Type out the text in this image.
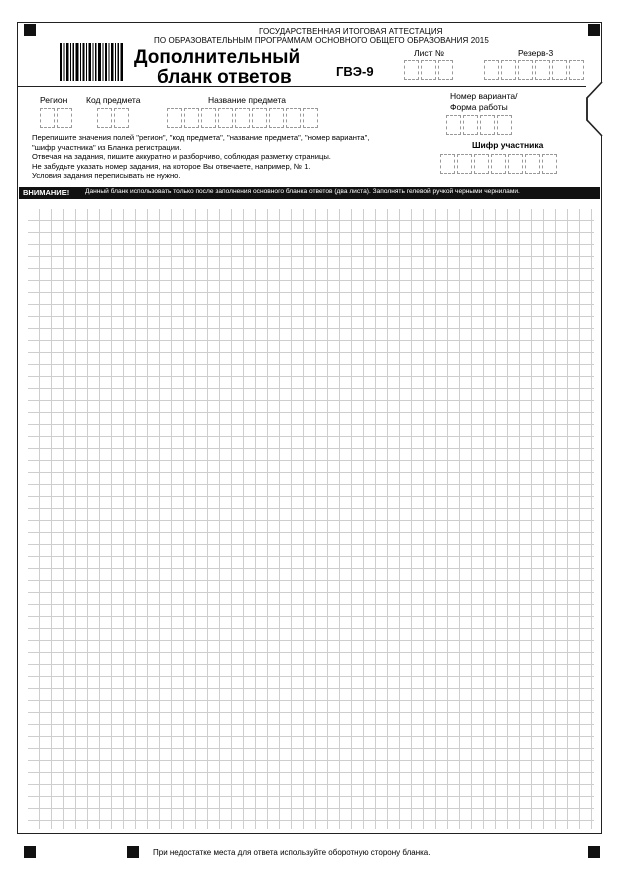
ГОСУДАРСТВЕННАЯ ИТОГОВАЯ АТТЕСТАЦИЯ
ПО ОБРАЗОВАТЕЛЬНЫМ ПРОГРАММАМ ОСНОВНОГО ОБЩЕГО ОБРАЗОВАНИЯ 2015
Дополнительный
бланк ответов	ГВЭ-9
Лист №	Резерв-3
Регион Код предмета	Название предмета	Номер варианта/
Форма работы
Шифр участника
Перепишите значения полей "регион", "код предмета", "название предмета", "номер варианта",
"шифр участника" из Бланка регистрации.
Отвечая на задания, пишите аккуратно и разборчиво, соблюдая разметку страницы.
Не забудьте указать номер задания, на которое Вы отвечаете, например, № 1.
Условия задания переписывать не нужно.
ВНИМАНИЕ! Данный бланк использовать только после заполнения основного бланка ответов (два листа). Заполнять гелевой ручкой черными чернилами.
При недостатке места для ответа используйте оборотную сторону бланка.
